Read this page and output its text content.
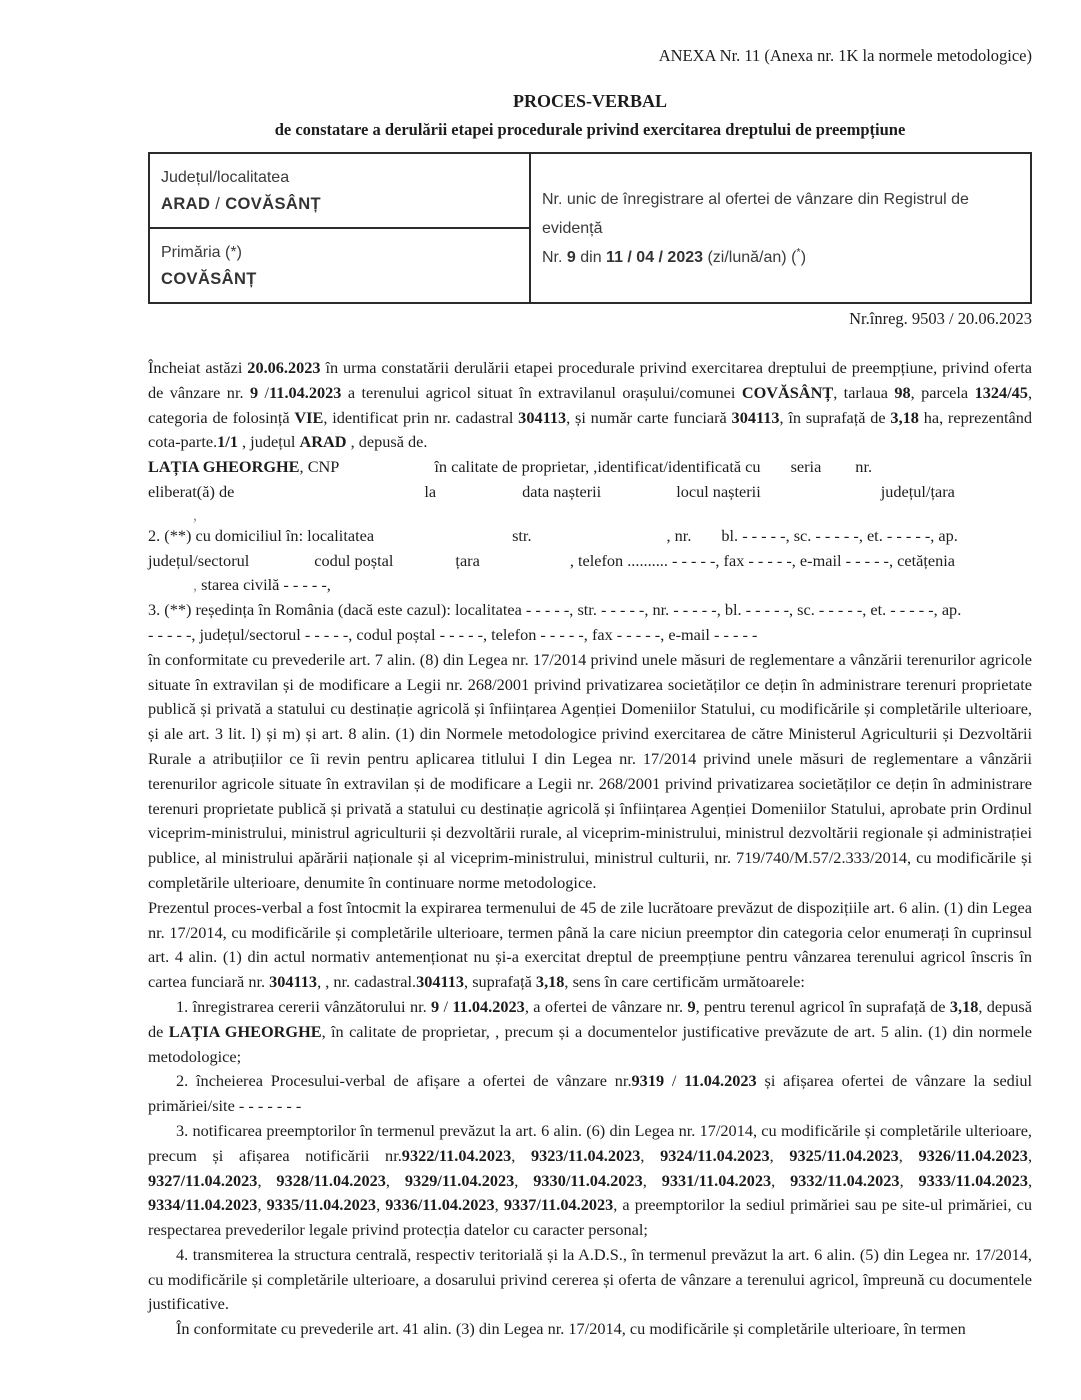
ANEXA Nr. 11 (Anexa nr. 1K la normele metodologice)
PROCES-VERBAL
de constatare a derulării etapei procedurale privind exercitarea dreptului de preempțiune
Județul/localitatea
ARAD / COVĂSÂNȚ	Nr. unic de înregistrare al ofertei de vânzare din Registrul de evidență
Nr. 9 din 11 / 04 / 2023 (zi/lună/an) (*)

Primăria (*)
COVĂSÂNȚ
Nr.înreg. 9503 / 20.06.2023

Încheiat astăzi 20.06.2023 în urma constatării derulării etapei procedurale privind exercitarea dreptului de preempțiune, privind oferta de vânzare nr. 9 /11.04.2023 a terenului agricol situat în extravilanul orașului/comunei COVĂSÂNȚ, tarlaua 98, parcela 1324/45, categoria de folosință VIE, identificat prin nr. cadastral 304113, și număr carte funciară 304113, în suprafață de 3,18 ha, reprezentând cota-parte.1/1 , județul ARAD , depusă de.

LAȚIA GHEORGHE, CNP	în calitate de proprietar, ,identificat/identificată cu seria nr.

eliberat(ă) de	la	data nașterii	locul nașterii	județul/țara

,

2. (**) cu domiciliul în: localitatea	str.	, nr. bl. - - - - -, sc. - - - - -, et. - - - - -, ap.

județul/sectorul	codul poștal	țara	, telefon .......... - - - - -, fax - - - - -, e-mail - - - - -, cetățenia

, starea civilă - - - - -,

3. (**) reședința în România (dacă este cazul): localitatea - - - - -, str. - - - - -, nr. - - - - -, bl. - - - - -, sc. - - - - -, et. - - - - -, ap.

- - - - -, județul/sectorul - - - - -, codul poștal - - - - -, telefon - - - - -, fax - - - - -, e-mail - - - - -

în conformitate cu prevederile art. 7 alin. (8) din Legea nr. 17/2014 privind unele măsuri de reglementare a vânzării terenurilor agricole situate în extravilan și de modificare a Legii nr. 268/2001 privind privatizarea societăților ce dețin în administrare terenuri proprietate publică și privată a statului cu destinație agricolă și înființarea Agenției Domeniilor Statului, cu modificările și completările ulterioare, și ale art. 3 lit. l) și m) și art. 8 alin. (1) din Normele metodologice privind exercitarea de către Ministerul Agriculturii și Dezvoltării Rurale a atribuțiilor ce îi revin pentru aplicarea titlului I din Legea nr. 17/2014 privind unele măsuri de reglementare a vânzării terenurilor agricole situate în extravilan și de modificare a Legii nr. 268/2001 privind privatizarea societăților ce dețin în administrare terenuri proprietate publică și privată a statului cu destinație agricolă și înființarea Agenției Domeniilor Statului, aprobate prin Ordinul viceprim-ministrului, ministrul agriculturii și dezvoltării rurale, al viceprim-ministrului, ministrul dezvoltării regionale și administrației publice, al ministrului apărării naționale și al viceprim-ministrului, ministrul culturii, nr. 719/740/M.57/2.333/2014, cu modificările și completările ulterioare, denumite în continuare norme metodologice.

Prezentul proces-verbal a fost întocmit la expirarea termenului de 45 de zile lucrătoare prevăzut de dispozițiile art. 6 alin. (1) din Legea nr. 17/2014, cu modificările și completările ulterioare, termen până la care niciun preemptor din categoria celor enumerați în cuprinsul art. 4 alin. (1) din actul normativ antemenționat nu și-a exercitat dreptul de preempțiune pentru vânzarea terenului agricol înscris în cartea funciară nr. 304113, , nr. cadastral.304113, suprafață 3,18, sens în care certificăm următoarele:

1. înregistrarea cererii vânzătorului nr. 9 / 11.04.2023, a ofertei de vânzare nr. 9, pentru terenul agricol în suprafață de 3,18, depusă de LAȚIA GHEORGHE, în calitate de proprietar, , precum și a documentelor justificative prevăzute de art. 5 alin. (1) din normele metodologice;

2. încheierea Procesului-verbal de afișare a ofertei de vânzare nr.9319 / 11.04.2023 și afișarea ofertei de vânzare la sediul primăriei/site - - - - - - -

3. notificarea preemptorilor în termenul prevăzut la art. 6 alin. (6) din Legea nr. 17/2014, cu modificările și completările ulterioare, precum și afișarea notificării nr.9322/11.04.2023, 9323/11.04.2023, 9324/11.04.2023, 9325/11.04.2023, 9326/11.04.2023, 9327/11.04.2023, 9328/11.04.2023, 9329/11.04.2023, 9330/11.04.2023, 9331/11.04.2023, 9332/11.04.2023, 9333/11.04.2023, 9334/11.04.2023, 9335/11.04.2023, 9336/11.04.2023, 9337/11.04.2023, a preemptorilor la sediul primăriei sau pe site-ul primăriei, cu respectarea prevederilor legale privind protecția datelor cu caracter personal;

4. transmiterea la structura centrală, respectiv teritorială și la A.D.S., în termenul prevăzut la art. 6 alin. (5) din Legea nr. 17/2014, cu modificările și completările ulterioare, a dosarului privind cererea și oferta de vânzare a terenului agricol, împreună cu documentele justificative.

În conformitate cu prevederile art. 41 alin. (3) din Legea nr. 17/2014, cu modificările și completările ulterioare, în termen
